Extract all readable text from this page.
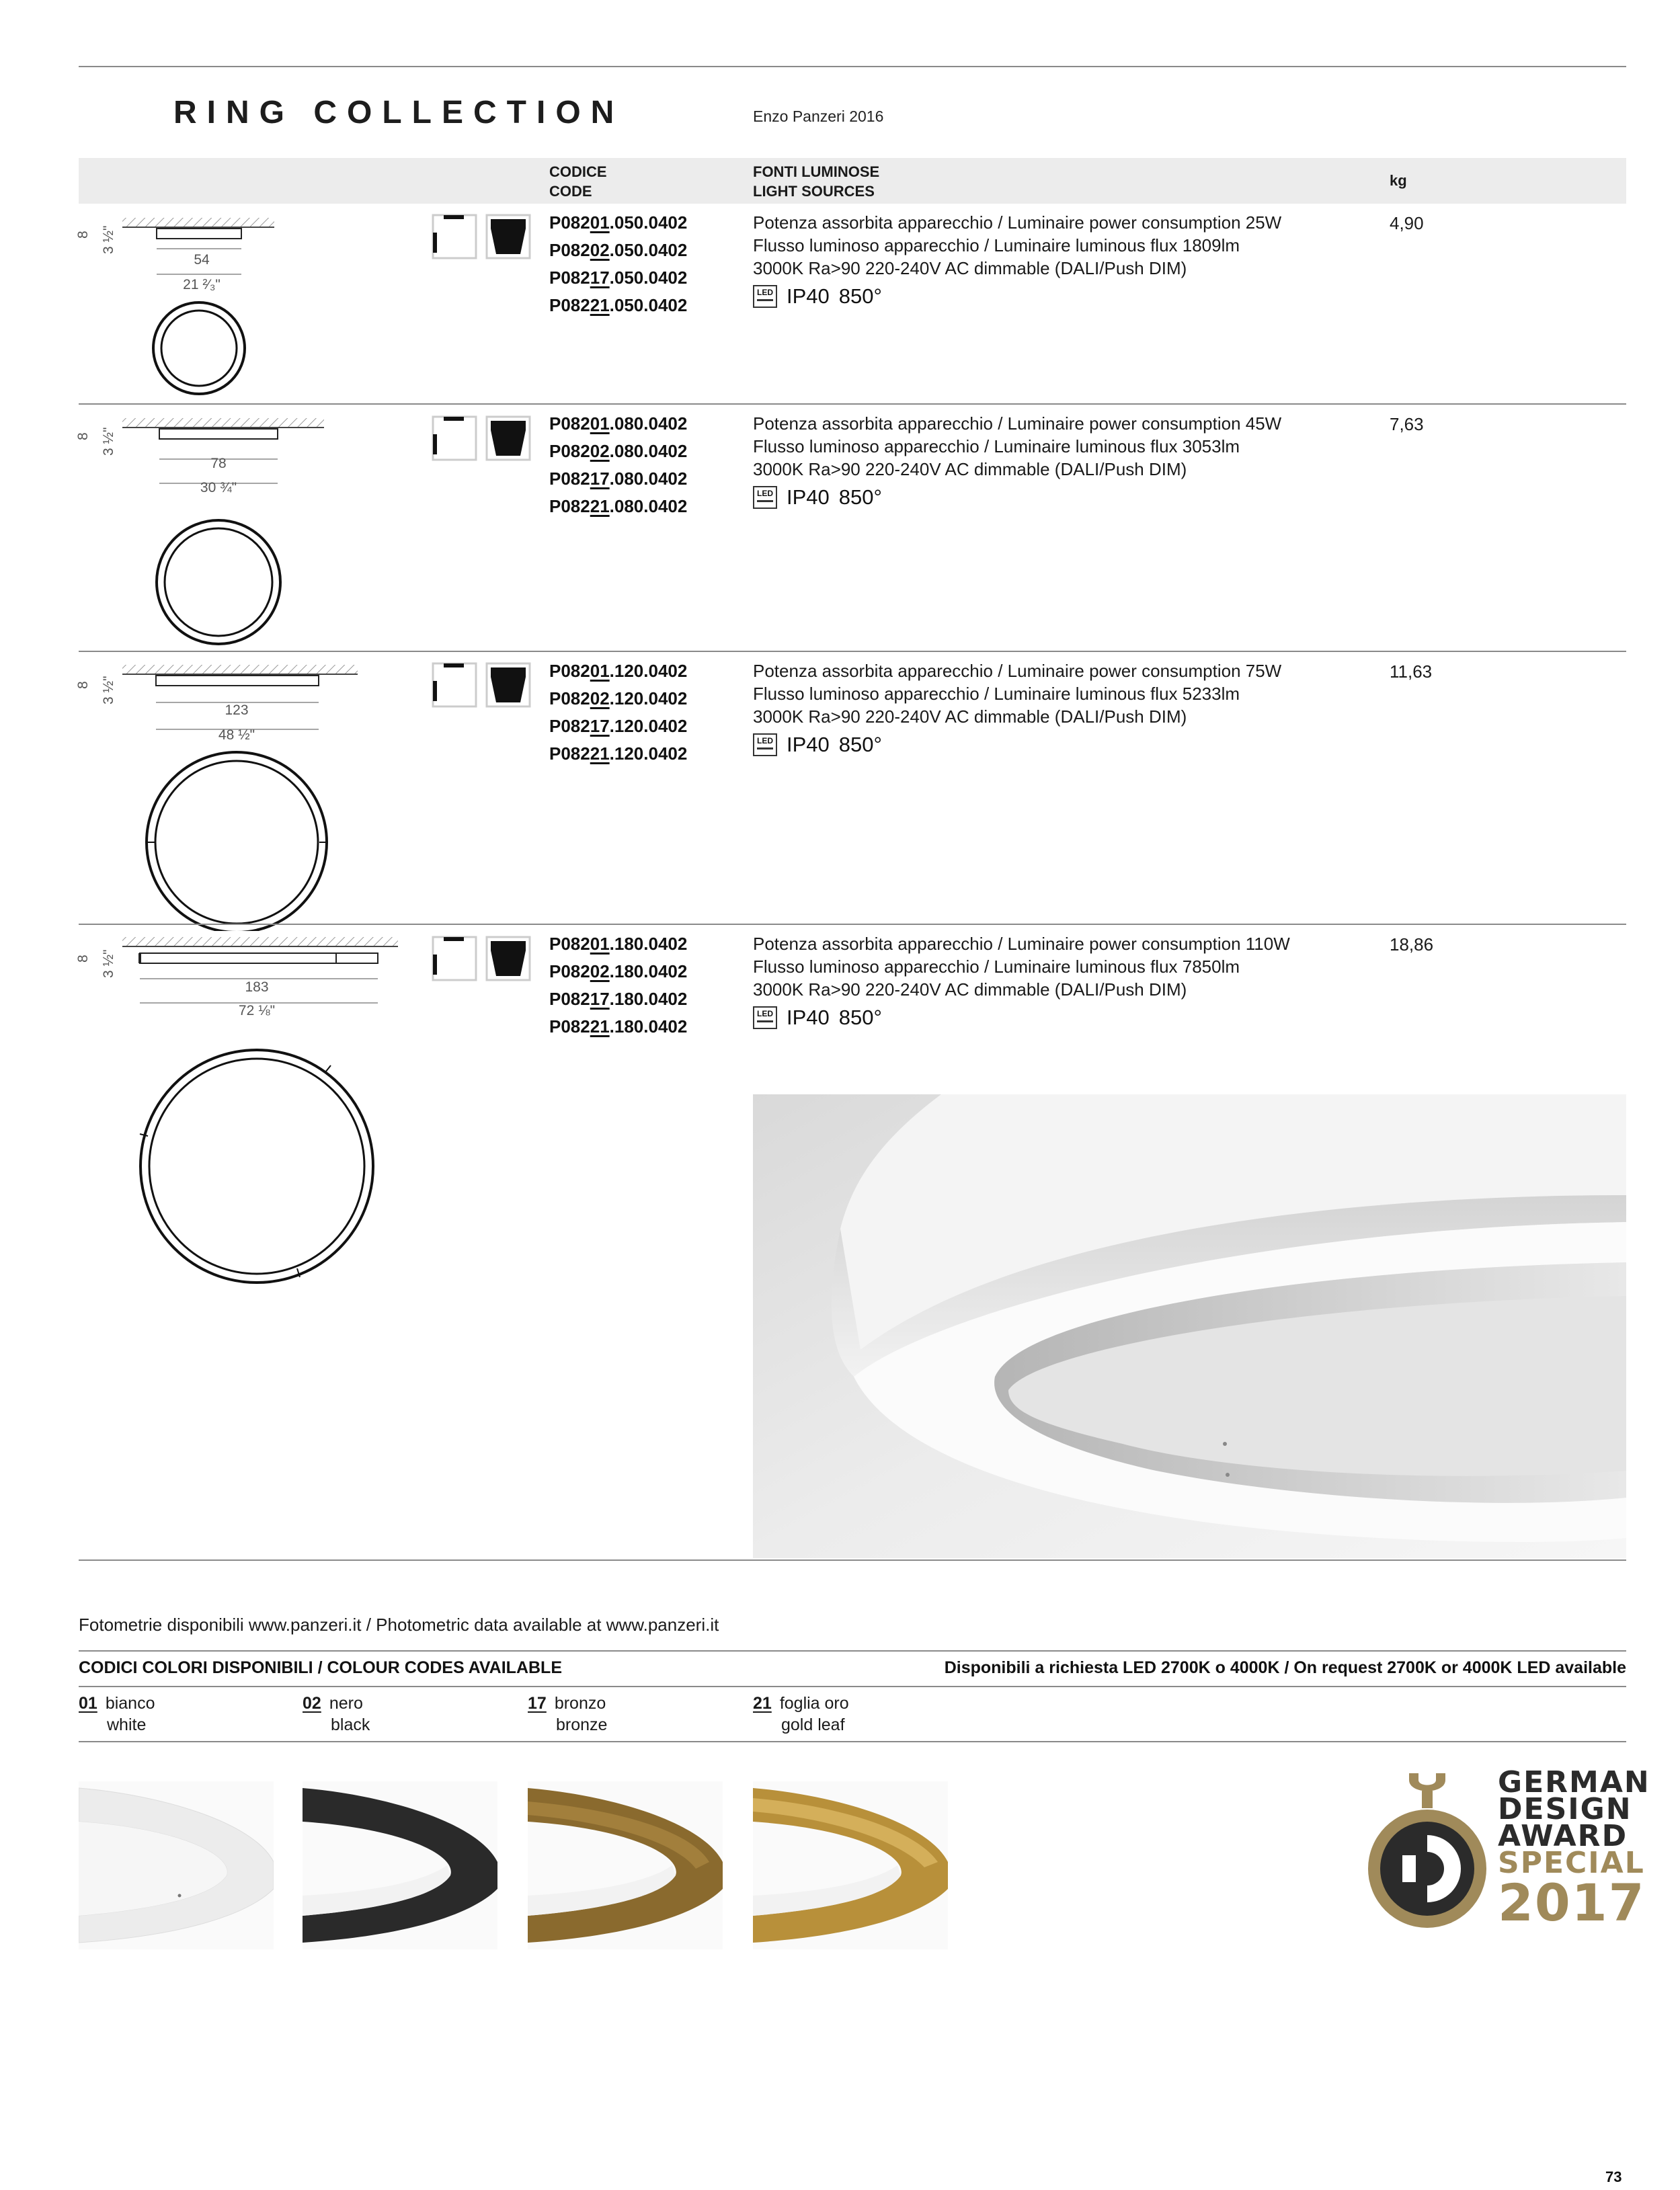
RING COLLECTION	Enzo Panzeri 2016
CODICE
CODE
FONTI LUMINOSE
LIGHT SOURCES
kg
8 3 ½"
54
21 ²⁄₃"
P08201.050.0402
P08202.050.0402
P08217.050.0402
P08221.050.0402
Potenza assorbita apparecchio / Luminaire power consumption 25W
Flusso luminoso apparecchio / Luminaire luminous flux 1809lm
3000K Ra>90 220-240V AC dimmable (DALI/Push DIM)
LED IP40 850°
4,90
8 3 ½"
78
30 ¾"
P08201.080.0402
P08202.080.0402
P08217.080.0402
P08221.080.0402
Potenza assorbita apparecchio / Luminaire power consumption 45W
Flusso luminoso apparecchio / Luminaire luminous flux 3053lm
3000K Ra>90 220-240V AC dimmable (DALI/Push DIM)
LED IP40 850°
7,63
8 3 ½"
123
48 ½"
P08201.120.0402
P08202.120.0402
P08217.120.0402
P08221.120.0402
Potenza assorbita apparecchio / Luminaire power consumption 75W
Flusso luminoso apparecchio / Luminaire luminous flux 5233lm
3000K Ra>90 220-240V AC dimmable (DALI/Push DIM)
LED IP40 850°
11,63
8 3 ½"
183
72 ⅛"
P08201.180.0402
P08202.180.0402
P08217.180.0402
P08221.180.0402
Potenza assorbita apparecchio / Luminaire power consumption 110W
Flusso luminoso apparecchio / Luminaire luminous flux 7850lm
3000K Ra>90 220-240V AC dimmable (DALI/Push DIM)
LED IP40 850°
18,86
Fotometrie disponibili www.panzeri.it / Photometric data available at www.panzeri.it
CODICI COLORI DISPONIBILI / COLOUR CODES AVAILABLE	Disponibili a richiesta LED 2700K o 4000K / On request 2700K or 4000K LED available
01 bianco
white
02 nero
black
17 bronzo
bronze
21 foglia oro
gold leaf
GERMAN
DESIGN
AWARD
SPECIAL
2017
73
